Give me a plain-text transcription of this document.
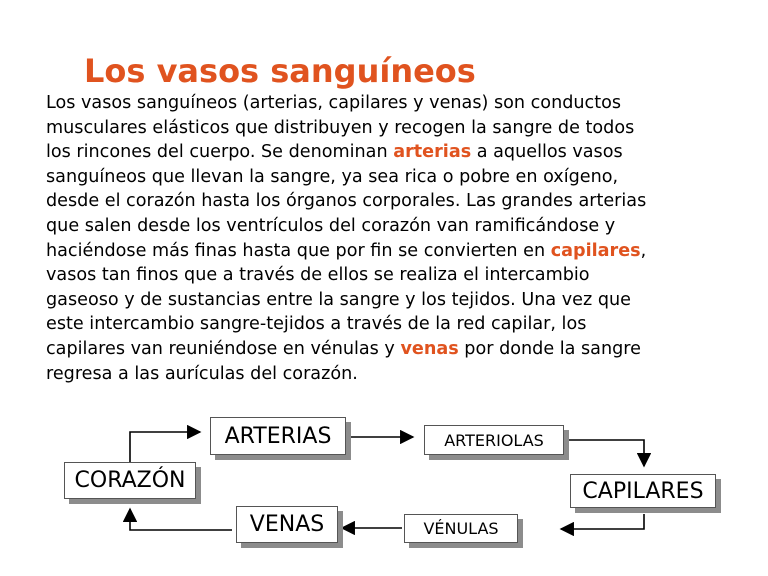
Los vasos sanguíneos
Los vasos sanguíneos (arterias, capilares y venas) son conductos
musculares elásticos que distribuyen y recogen la sangre de todos
los rincones del cuerpo. Se denominan arterias a aquellos vasos
sanguíneos que llevan la sangre, ya sea rica o pobre en oxígeno,
desde el corazón hasta los órganos corporales. Las grandes arterias
que salen desde los ventrículos del corazón van ramificándose y
haciéndose más finas hasta que por fin se convierten en capilares,
vasos tan finos que a través de ellos se realiza el intercambio
gaseoso y de sustancias entre la sangre y los tejidos. Una vez que
este intercambio sangre-tejidos a través de la red capilar, los
capilares van reuniéndose en vénulas y venas por donde la sangre
regresa a las aurículas del corazón.
ARTERIAS	ARTERIOLAS
CORAZÓN	CAPILARES
VENAS	VÉNULAS
